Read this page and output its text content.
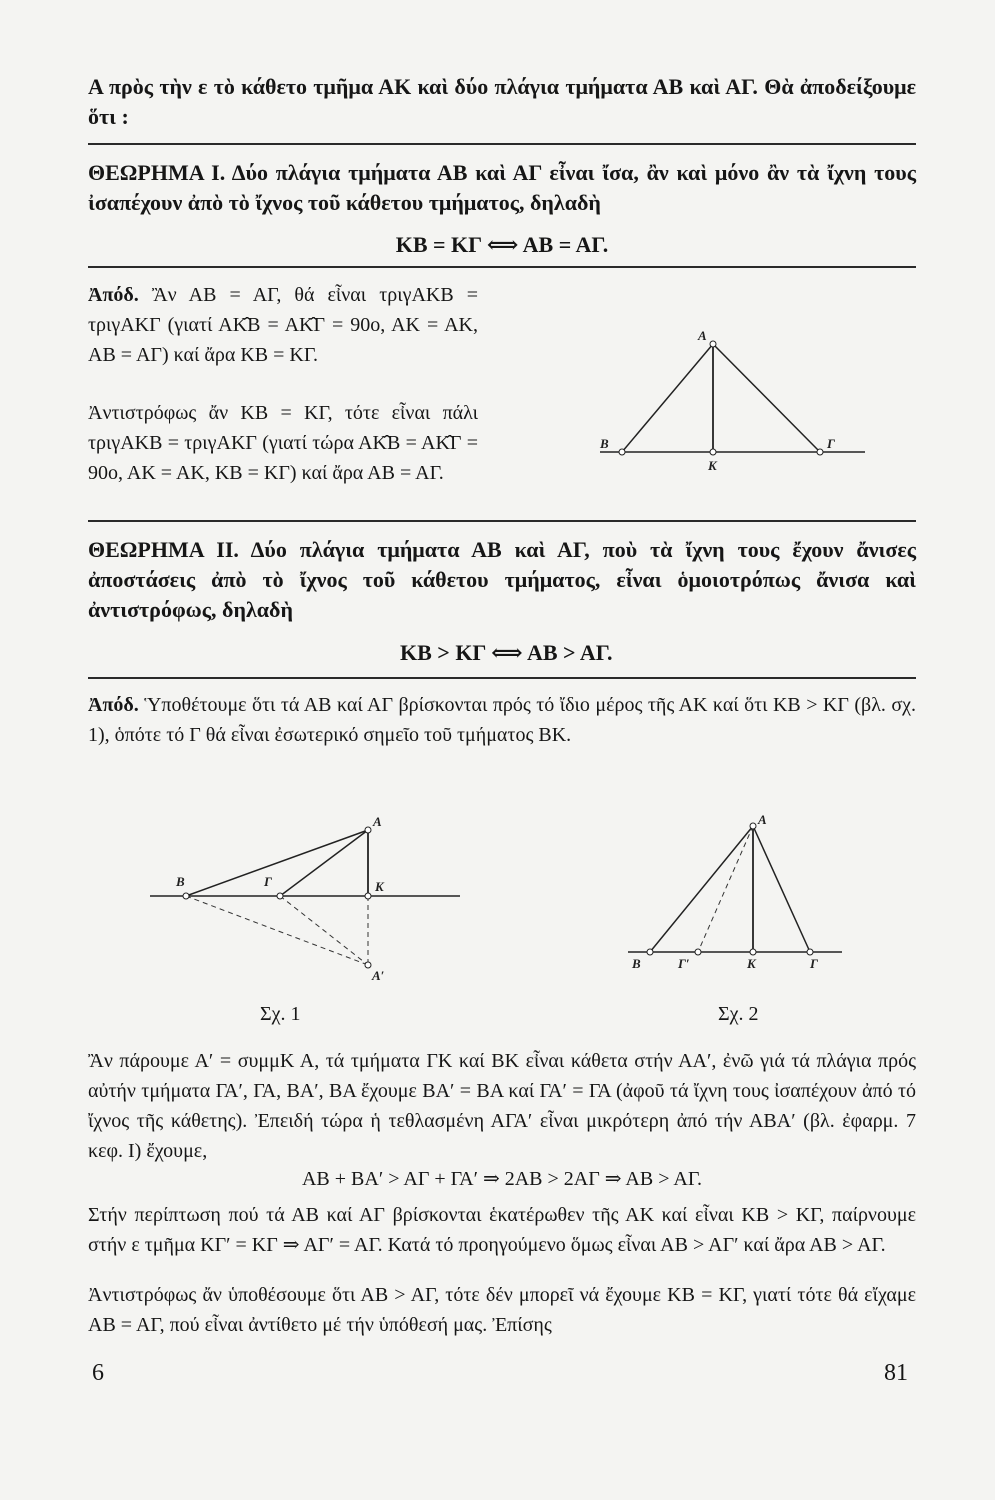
Α πρὸς τὴν ε τὸ κάθετο τμῆμα ΑΚ καὶ δύο πλάγια τμήματα ΑΒ καὶ ΑΓ. Θὰ ἀποδείξουμε ὅτι :
ΘΕΩΡΗΜΑ Ι. Δύο πλάγια τμήματα ΑΒ καὶ ΑΓ εἶναι ἴσα, ἂν καὶ μόνο ἂν τὰ ἴχνη τους ἰσαπέχουν ἀπὸ τὸ ἴχνος τοῦ κάθετου τμήματος, δηλαδὴ
ΚΒ = ΚΓ ⟺ ΑΒ = ΑΓ.
Ἀπόδ. Ἂν ΑΒ = ΑΓ, θά εἶναι τριγΑΚΒ = τριγΑΚΓ (γιατί ΑΚ̂Β = ΑΚ̂Γ = 90ο, ΑΚ = ΑΚ, ΑΒ = ΑΓ) καί ἄρα ΚΒ = ΚΓ.
Ἀντιστρόφως ἄν ΚΒ = ΚΓ, τότε εἶναι πάλι τριγΑΚΒ = τριγΑΚΓ (γιατί τώρα ΑΚ̂Β = ΑΚ̂Γ = 90ο, ΑΚ = ΑΚ, ΚΒ = ΚΓ) καί ἄρα ΑΒ = ΑΓ.
A
B
K
Γ
ΘΕΩΡΗΜΑ ΙΙ. Δύο πλάγια τμήματα ΑΒ καὶ ΑΓ, ποὺ τὰ ἴχνη τους ἔχουν ἄνισες ἀποστάσεις ἀπὸ τὸ ἴχνος τοῦ κάθετου τμήματος, εἶναι ὁμοιοτρόπως ἄνισα καὶ ἀντιστρόφως, δηλαδὴ
ΚΒ > ΚΓ ⟺ ΑΒ > ΑΓ.
Ἀπόδ. Ὑποθέτουμε ὅτι τά ΑΒ καί ΑΓ βρίσκονται πρός τό ἴδιο μέρος τῆς ΑΚ καί ὅτι ΚΒ > ΚΓ (βλ. σχ. 1), ὁπότε τό Γ θά εἶναι ἐσωτερικό σημεῖο τοῦ τμήματος ΒΚ.
A
B	Γ	K
A′
Σχ. 1
A
B	Γ′	K	Γ
Σχ. 2
Ἂν πάρουμε Α′ = συμμΚ Α, τά τμήματα ΓΚ καί ΒΚ εἶναι κάθετα στήν ΑΑ′, ἐνῶ γιά τά πλάγια πρός αὐτήν τμήματα ΓΑ′, ΓΑ, ΒΑ′, ΒΑ ἔχουμε ΒΑ′ = ΒΑ καί ΓΑ′ = ΓΑ (ἀφοῦ τά ἴχνη τους ἰσαπέχουν ἀπό τό ἴχνος τῆς κάθετης). Ἐπειδή τώρα ἡ τεθλασμένη ΑΓΑ′ εἶναι μικρότερη ἀπό τήν ΑΒΑ′ (βλ. ἐφαρμ. 7 κεφ. Ι) ἔχουμε,
ΑΒ + ΒΑ′ > ΑΓ + ΓΑ′ ⇒ 2ΑΒ > 2ΑΓ ⇒ ΑΒ > ΑΓ.
Στήν περίπτωση πού τά ΑΒ καί ΑΓ βρίσκονται ἑκατέρωθεν τῆς ΑΚ καί εἶναι ΚΒ > ΚΓ, παίρνουμε στήν ε τμῆμα ΚΓ′ = ΚΓ ⇒ ΑΓ′ = ΑΓ. Κατά τό προηγούμενο ὅμως εἶναι ΑΒ > ΑΓ′ καί ἄρα ΑΒ > ΑΓ.
Ἀντιστρόφως ἄν ὑποθέσουμε ὅτι ΑΒ > ΑΓ, τότε δέν μπορεῖ νά ἔχουμε ΚΒ = ΚΓ, γιατί τότε θά εἴχαμε ΑΒ = ΑΓ, πού εἶναι ἀντίθετο μέ τήν ὑπόθεσή μας. Ἐπίσης
6	81
